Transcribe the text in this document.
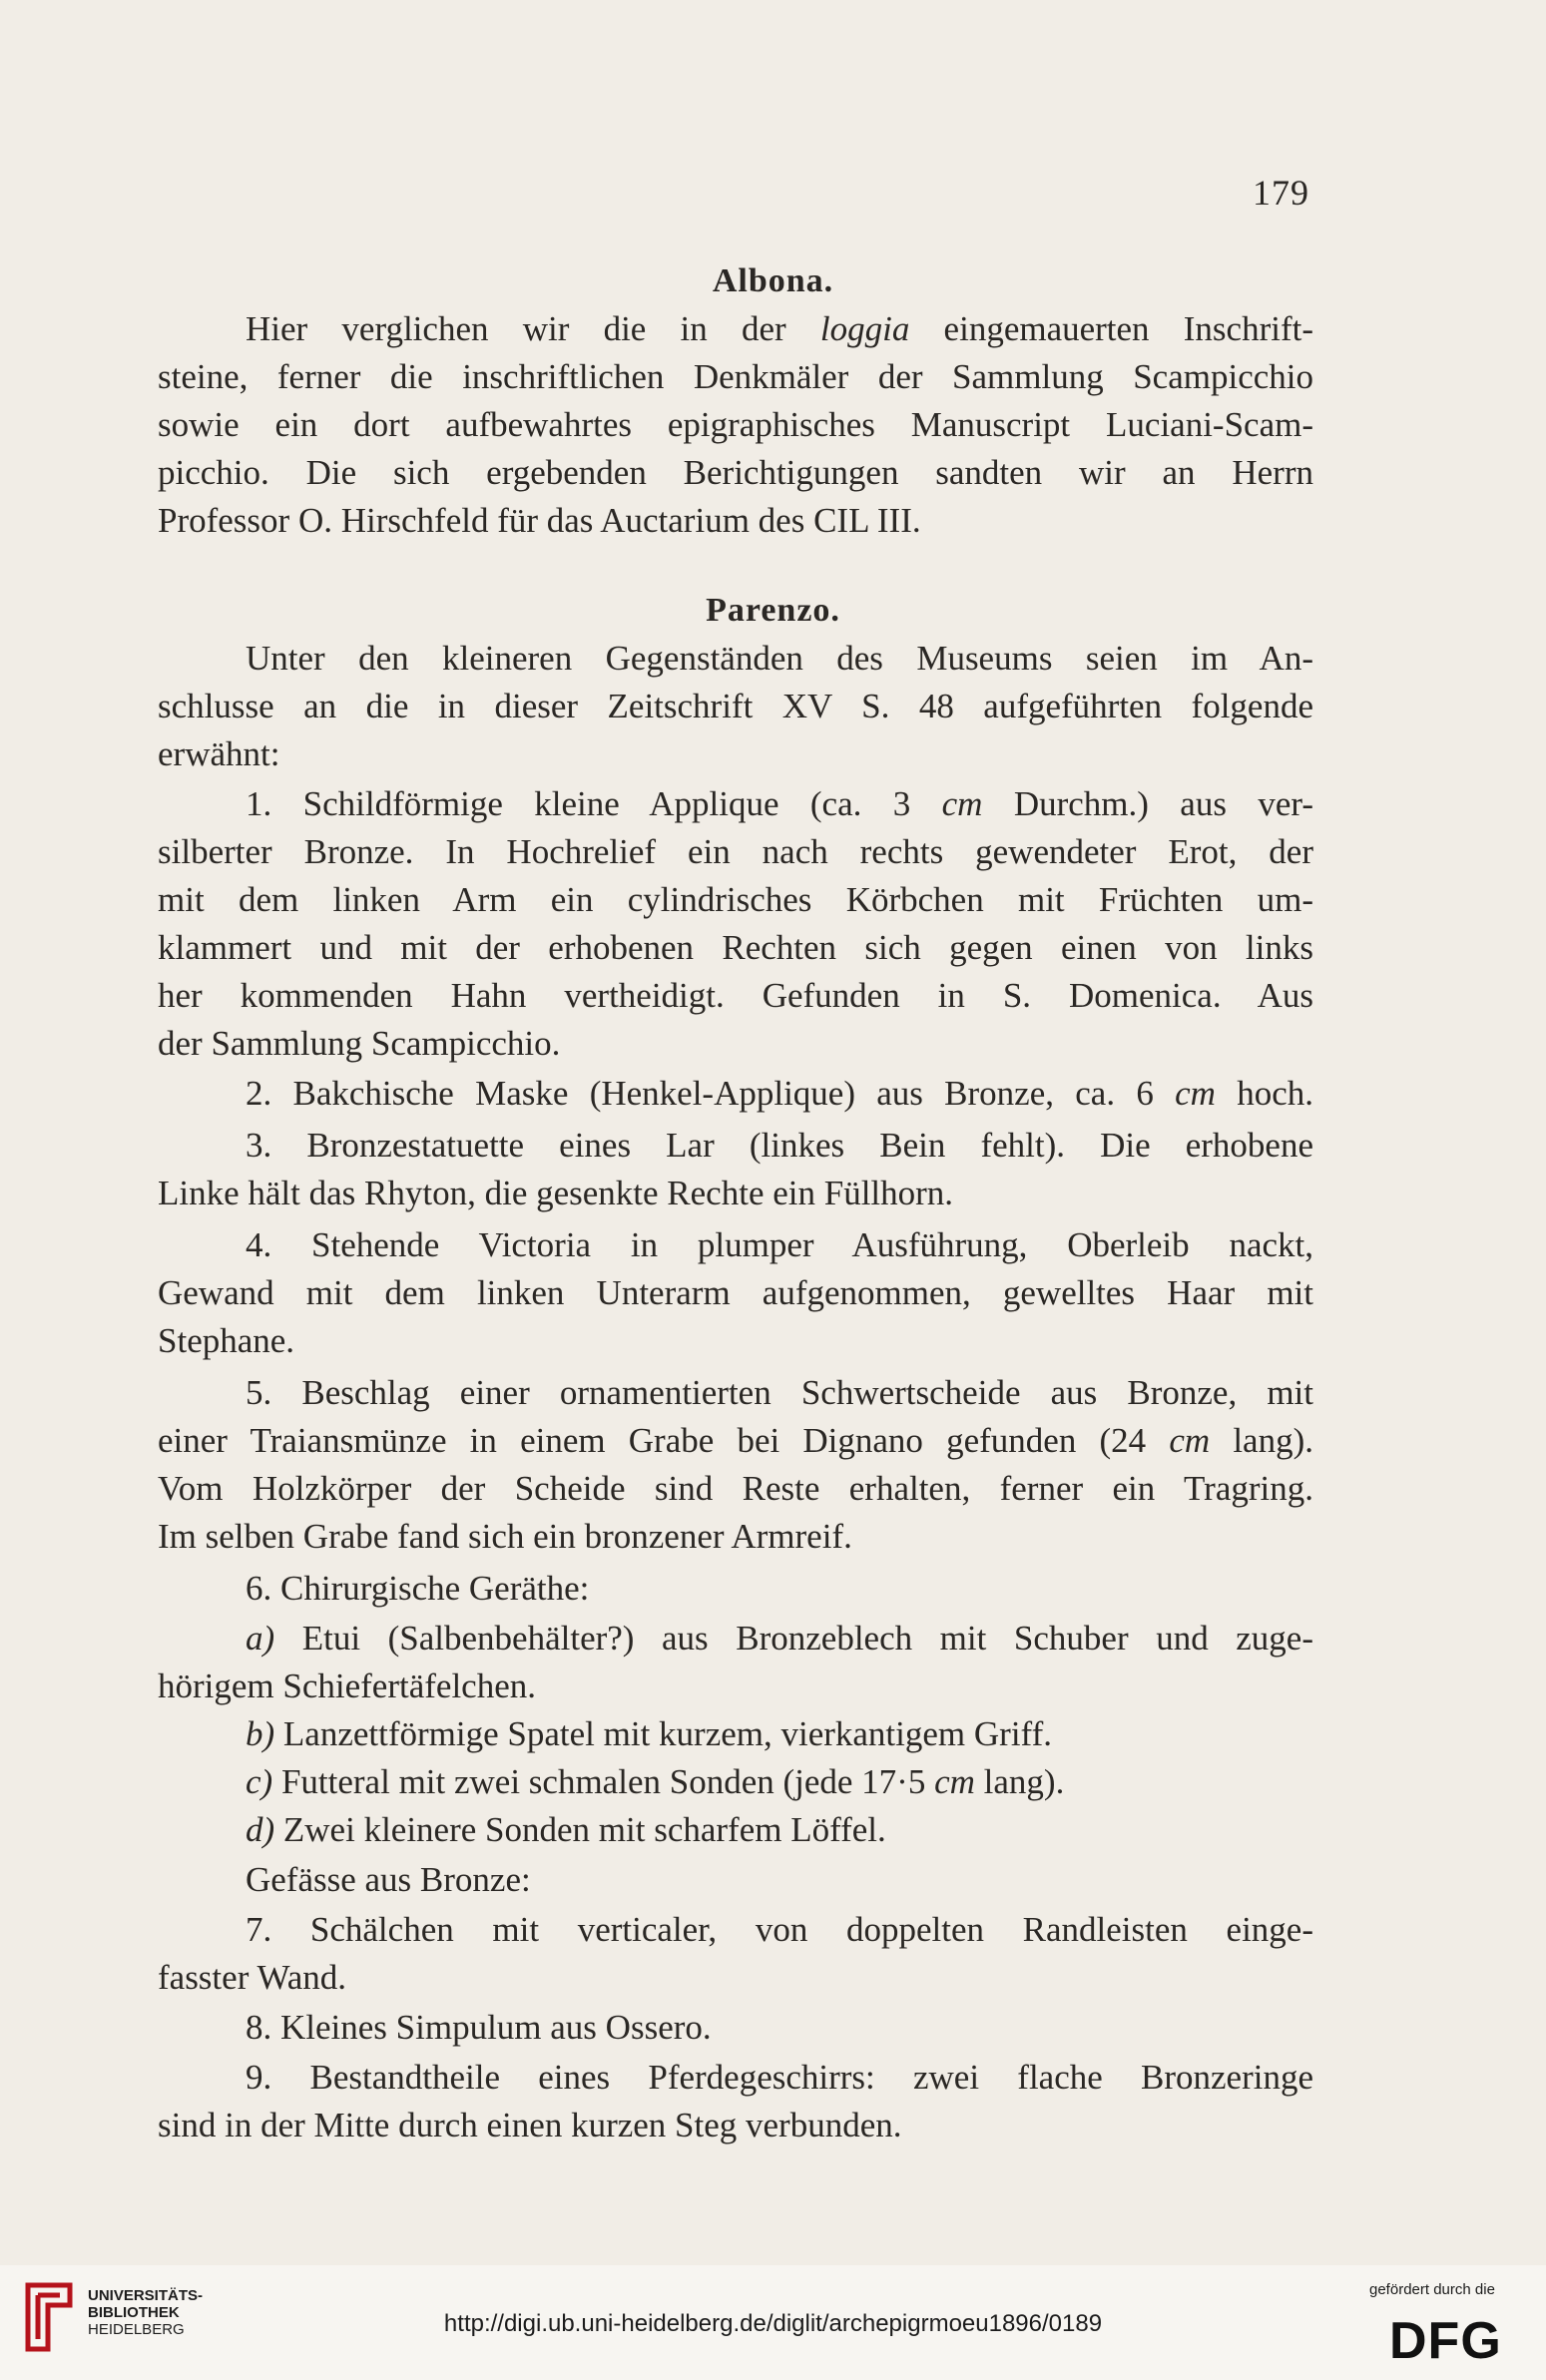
179
Albona.
Hier verglichen wir die in der loggia eingemauerten Inschrift-
steine, ferner die inschriftlichen Denkmäler der Sammlung Scampicchio
sowie ein dort aufbewahrtes epigraphisches Manuscript Luciani-Scam-
picchio. Die sich ergebenden Berichtigungen sandten wir an Herrn
Professor O. Hirschfeld für das Auctarium des CIL III.
Parenzo.
Unter den kleineren Gegenständen des Museums seien im An-
schlusse an die in dieser Zeitschrift XV S. 48 aufgeführten folgende
erwähnt:
1. Schildförmige kleine Applique (ca. 3 cm Durchm.) aus ver-
silberter Bronze. In Hochrelief ein nach rechts gewendeter Erot, der
mit dem linken Arm ein cylindrisches Körbchen mit Früchten um-
klammert und mit der erhobenen Rechten sich gegen einen von links
her kommenden Hahn vertheidigt. Gefunden in S. Domenica. Aus
der Sammlung Scampicchio.
2. Bakchische Maske (Henkel-Applique) aus Bronze, ca. 6 cm hoch.
3. Bronzestatuette eines Lar (linkes Bein fehlt). Die erhobene
Linke hält das Rhyton, die gesenkte Rechte ein Füllhorn.
4. Stehende Victoria in plumper Ausführung, Oberleib nackt,
Gewand mit dem linken Unterarm aufgenommen, gewelltes Haar mit
Stephane.
5. Beschlag einer ornamentierten Schwertscheide aus Bronze, mit
einer Traiansmünze in einem Grabe bei Dignano gefunden (24 cm lang).
Vom Holzkörper der Scheide sind Reste erhalten, ferner ein Tragring.
Im selben Grabe fand sich ein bronzener Armreif.
6. Chirurgische Geräthe:
a) Etui (Salbenbehälter?) aus Bronzeblech mit Schuber und zuge-
hörigem Schiefertäfelchen.
b) Lanzettförmige Spatel mit kurzem, vierkantigem Griff.
c) Futteral mit zwei schmalen Sonden (jede 17·5 cm lang).
d) Zwei kleinere Sonden mit scharfem Löffel.
Gefässe aus Bronze:
7. Schälchen mit verticaler, von doppelten Randleisten einge-
fasster Wand.
8. Kleines Simpulum aus Ossero.
9. Bestandtheile eines Pferdegeschirrs: zwei flache Bronzeringe
sind in der Mitte durch einen kurzen Steg verbunden.
UNIVERSITÄTS-
BIBLIOTHEK
HEIDELBERG	http://digi.ub.uni-heidelberg.de/diglit/archepigrmoeu1896/0189
gefördert durch die
DFG
